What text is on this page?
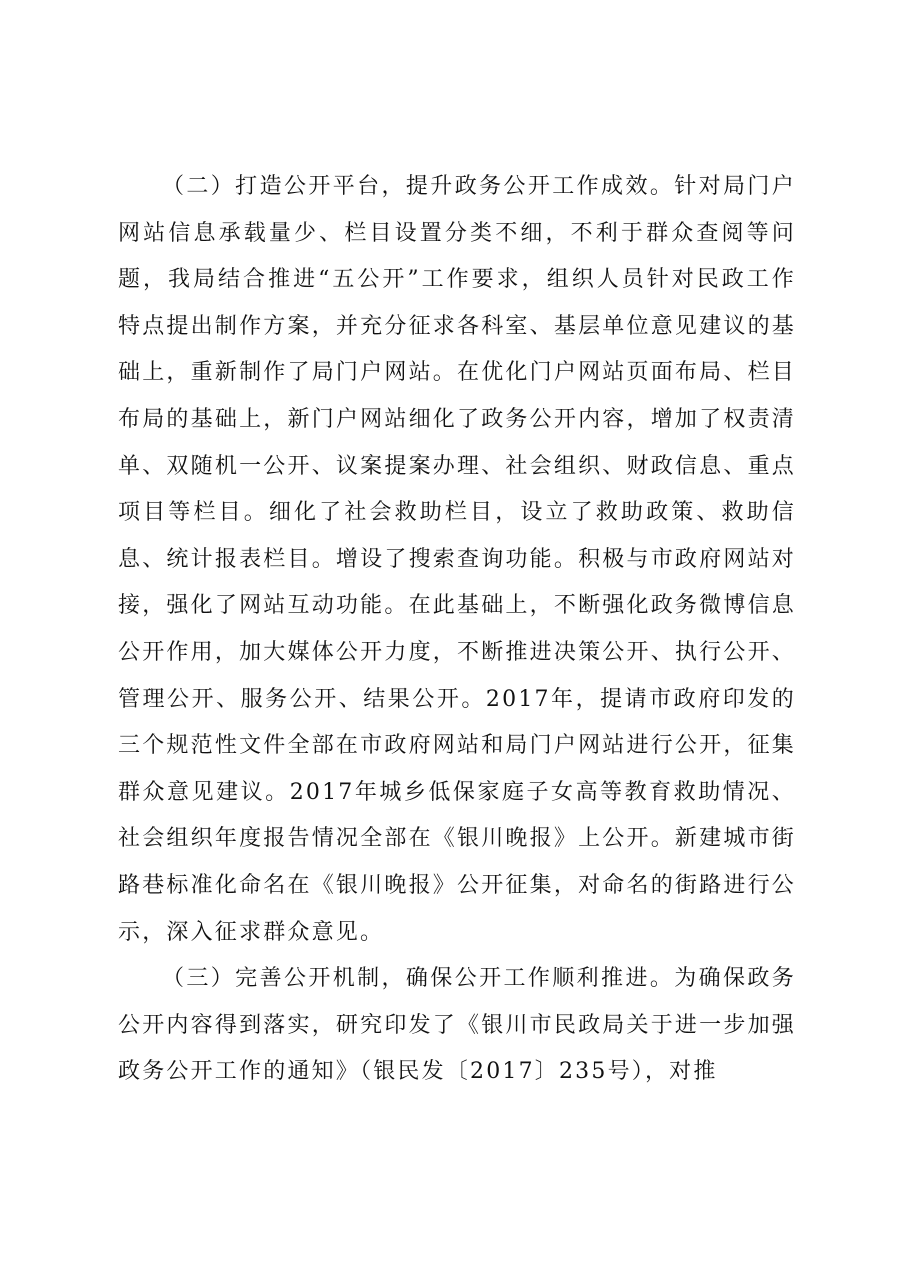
（二）打造公开平台，提升政务公开工作成效。针对局门户网站信息承载量少、栏目设置分类不细，不利于群众查阅等问题，我局结合推进“五公开”工作要求，组织人员针对民政工作特点提出制作方案，并充分征求各科室、基层单位意见建议的基础上，重新制作了局门户网站。在优化门户网站页面布局、栏目布局的基础上，新门户网站细化了政务公开内容，增加了权责清单、双随机一公开、议案提案办理、社会组织、财政信息、重点项目等栏目。细化了社会救助栏目，设立了救助政策、救助信息、统计报表栏目。增设了搜索查询功能。积极与市政府网站对接，强化了网站互动功能。在此基础上，不断强化政务微博信息公开作用，加大媒体公开力度，不断推进决策公开、执行公开、管理公开、服务公开、结果公开。2017年，提请市政府印发的三个规范性文件全部在市政府网站和局门户网站进行公开，征集群众意见建议。2017年城乡低保家庭子女高等教育救助情况、社会组织年度报告情况全部在《银川晚报》上公开。新建城市街路巷标准化命名在《银川晚报》公开征集，对命名的街路进行公示，深入征求群众意见。

（三）完善公开机制，确保公开工作顺利推进。为确保政务公开内容得到落实，研究印发了《银川市民政局关于进一步加强政务公开工作的通知》（银民发〔2017〕235号），对推
